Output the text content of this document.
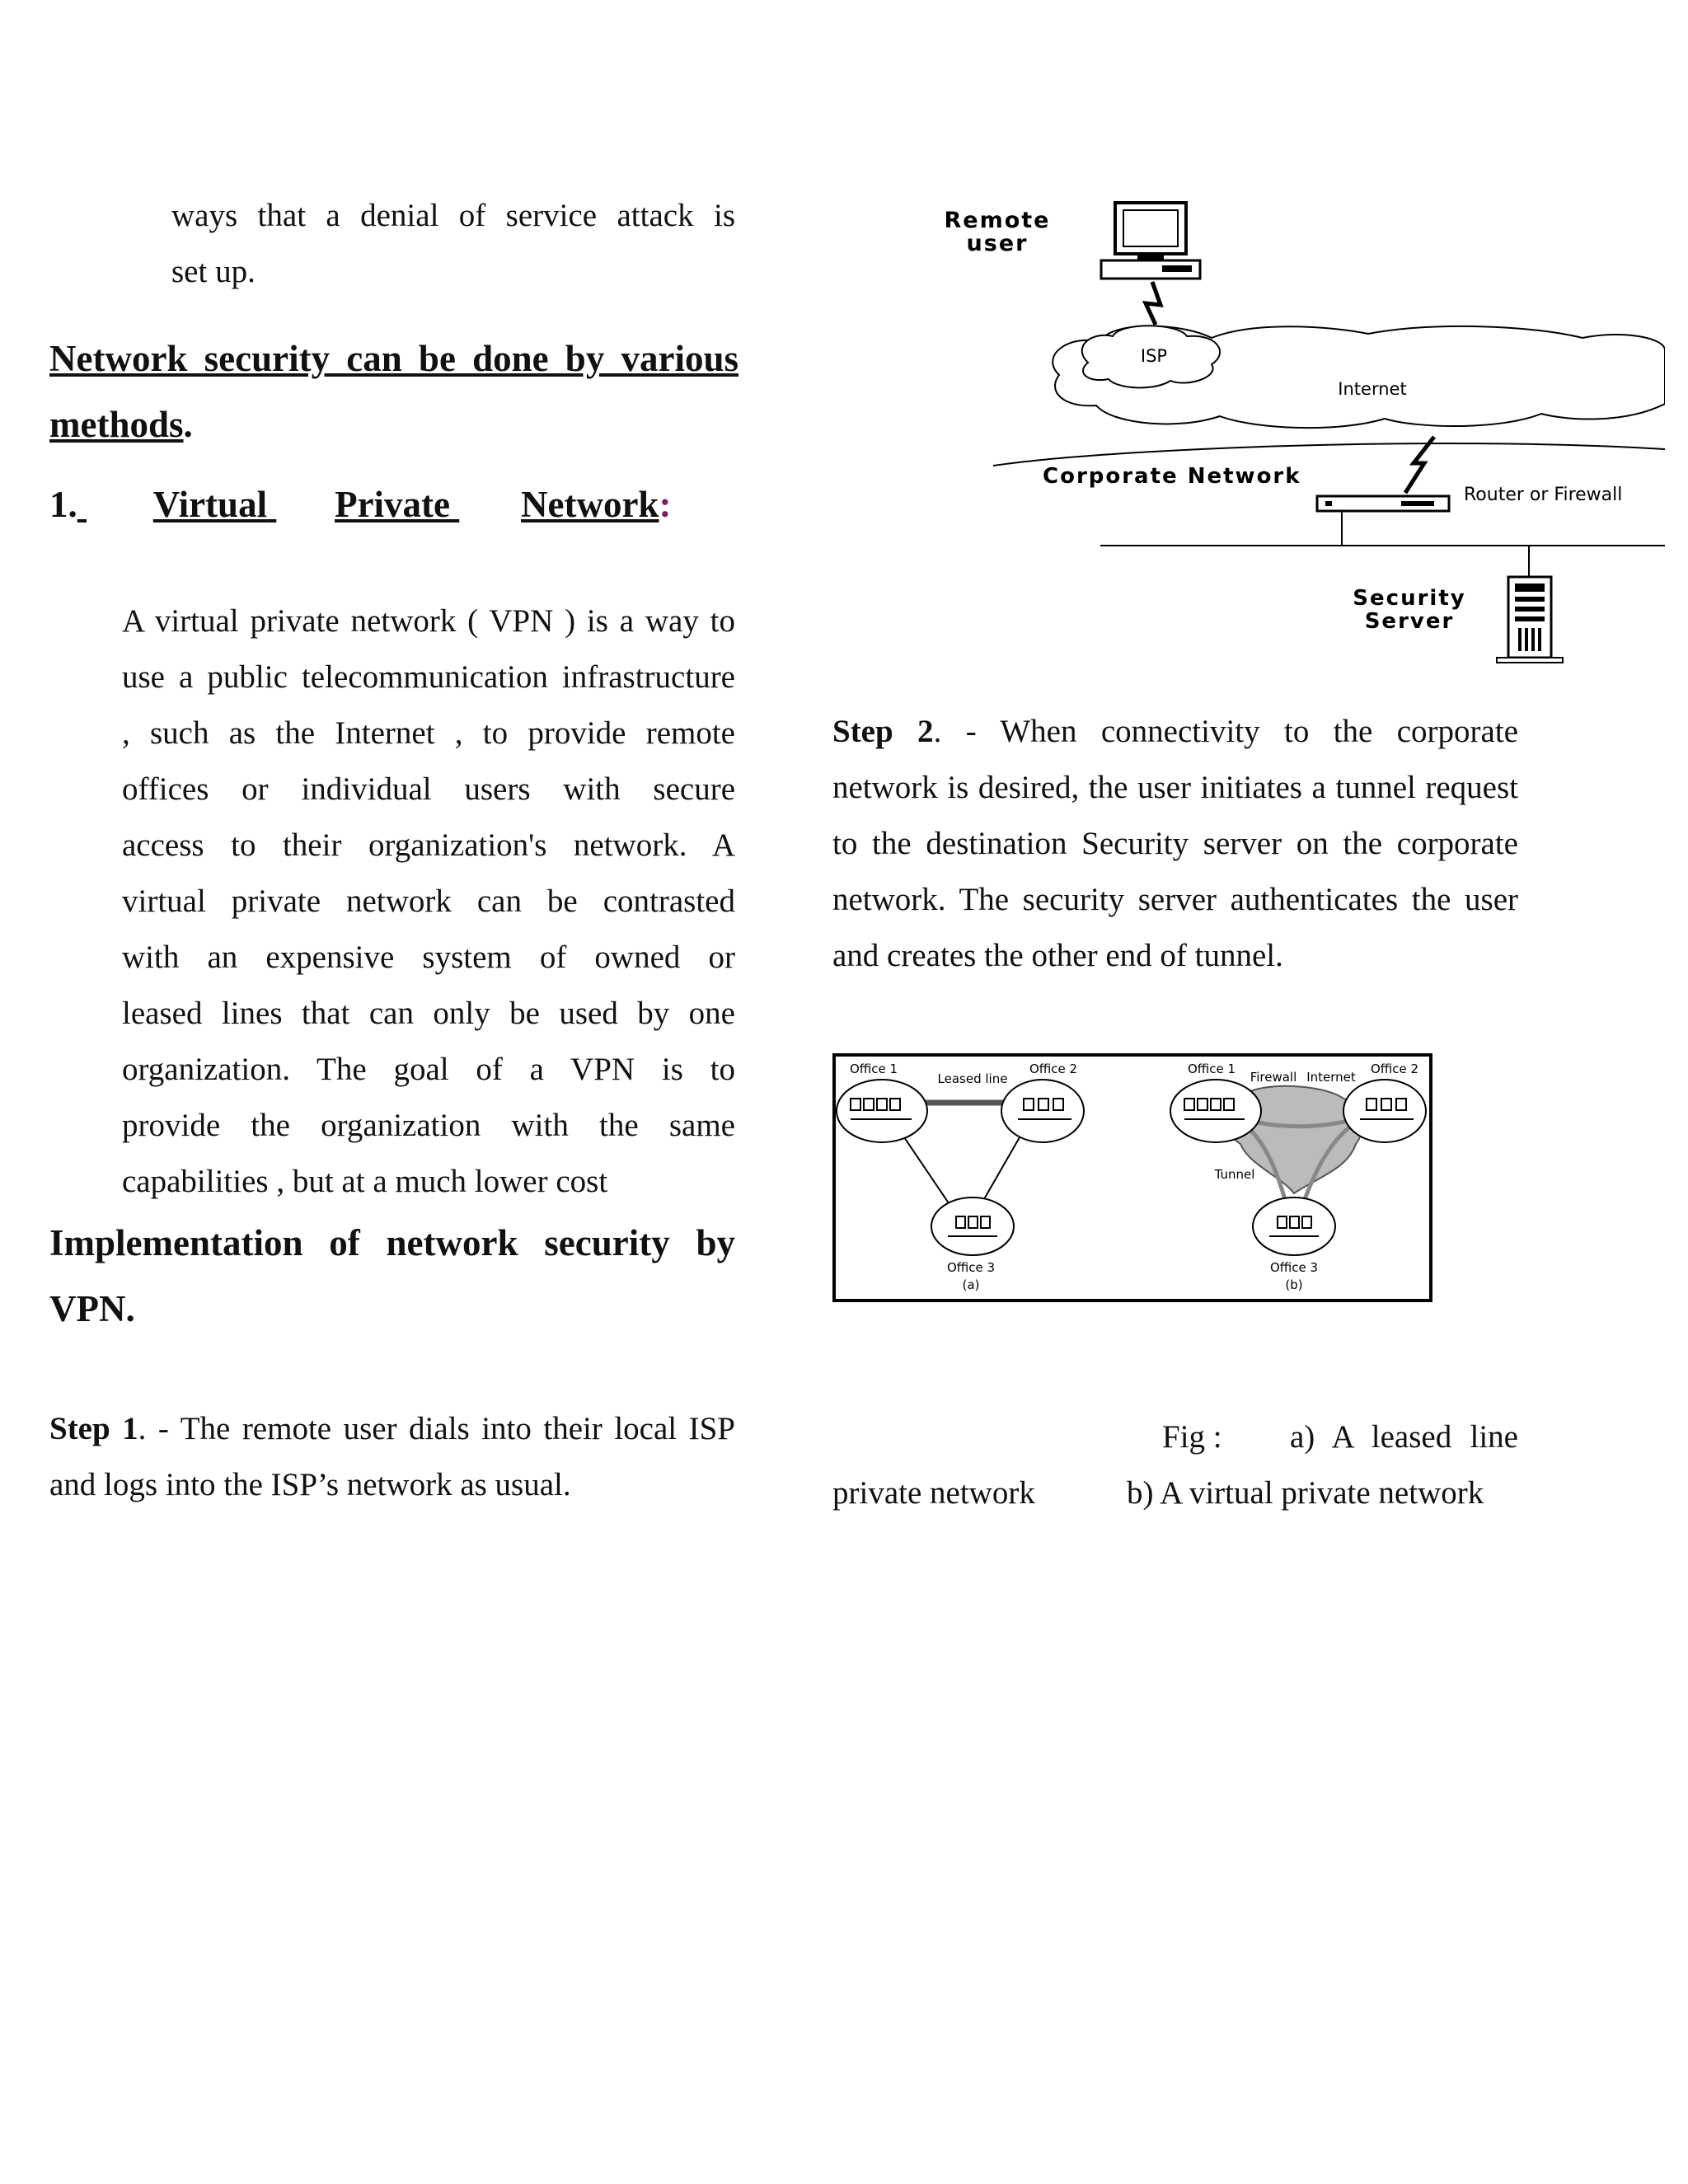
ways that a denial of service attack is
set up.
Network security can be done by various
methods.
1. Virtual Private Network:
A virtual private network ( VPN ) is a way to
use a public telecommunication infrastructure
, such as the Internet , to provide remote
offices or individual users with secure
access to their organization's network. A
virtual private network can be contrasted
with an expensive system of owned or
leased lines that can only be used by one
organization. The goal of a VPN is to
provide the organization with the same
capabilities , but at a much lower cost
Implementation of network security by
VPN.
Step 1. - The remote user dials into their local ISP
and logs into the ISP’s network as usual.
Remote
user
ISP
Internet
Corporate Network
Router or Firewall
Security
Server
Step 2. - When connectivity to the corporate
network is desired, the user initiates a tunnel request
to the destination Security server on the corporate
network. The security server authenticates the user
and creates the other end of tunnel.
Office 1	Office 2
Leased line
Office 3
(a)
Office 1
Firewall Internet
Office 2
Tunnel
Office 3
(b)
Fig : a) A leased line
private network	b) A virtual private network
